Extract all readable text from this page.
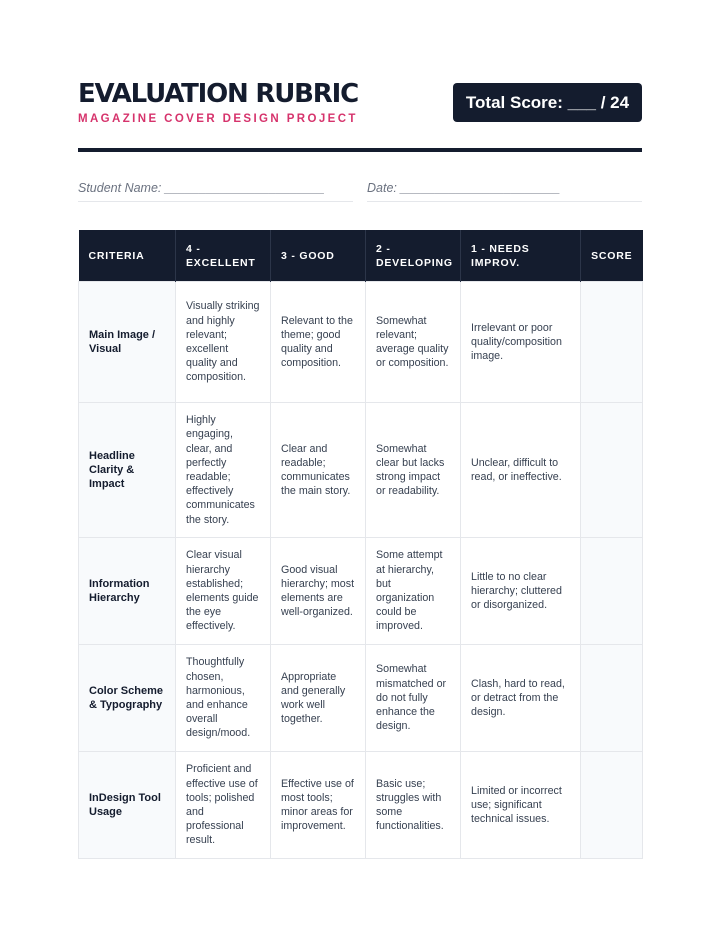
EVALUATION RUBRIC
MAGAZINE COVER DESIGN PROJECT
Total Score: ___ / 24
Student Name: _______________________	Date: _______________________
CRITERIA	4 - EXCELLENT	3 - GOOD	2 - DEVELOPING	1 - NEEDS IMPROV.	SCORE
Main Image / Visual	Visually striking and highly relevant; excellent quality and composition.	Relevant to the theme; good quality and composition.	Somewhat relevant; average quality or composition.	Irrelevant or poor quality/composition image.	
Headline Clarity & Impact	Highly engaging, clear, and perfectly readable; effectively communicates the story.	Clear and readable; communicates the main story.	Somewhat clear but lacks strong impact or readability.	Unclear, difficult to read, or ineffective.	
Information Hierarchy	Clear visual hierarchy established; elements guide the eye effectively.	Good visual hierarchy; most elements are well-organized.	Some attempt at hierarchy, but organization could be improved.	Little to no clear hierarchy; cluttered or disorganized.	
Color Scheme & Typography	Thoughtfully chosen, harmonious, and enhance overall design/mood.	Appropriate and generally work well together.	Somewhat mismatched or do not fully enhance the design.	Clash, hard to read, or detract from the design.	
InDesign Tool Usage	Proficient and effective use of tools; polished and professional result.	Effective use of most tools; minor areas for improvement.	Basic use; struggles with some functionalities.	Limited or incorrect use; significant technical issues.	
